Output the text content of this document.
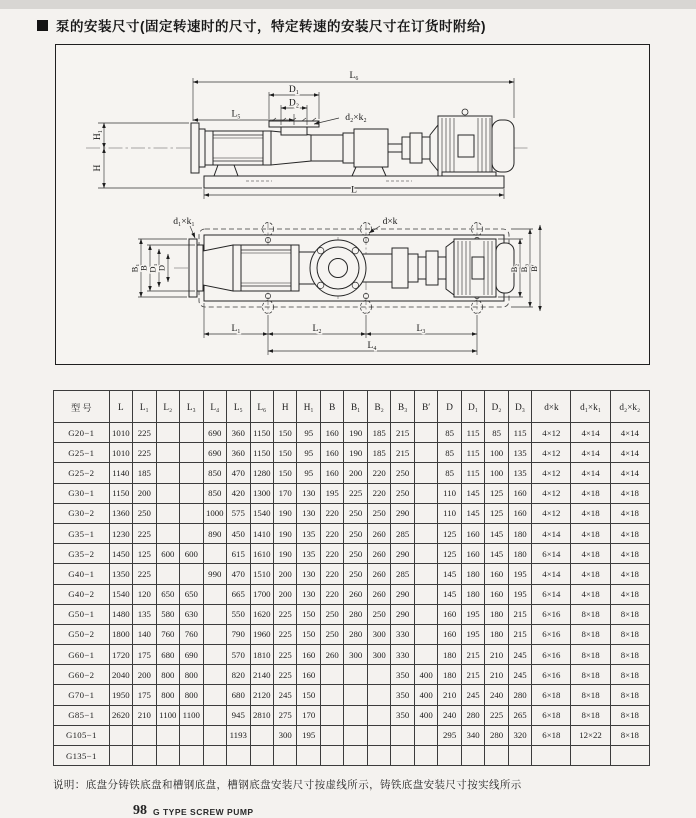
泵的安装尺寸(固定转速时的尺寸，特定转速的安装尺寸在订货时附给)
L₆
D₁
D₂
L₅	d₂×k₂
H₁
H
L
d₁×k₁	d×k
B₁ B D₁ D	B₂ B₃ B′
L₁	L₂	L₃
L₄
型 号	L	L₁	L₂	L₃	L₄	L₅	L₆	H	H₁	B	B₁	B₂	B₃	B′	D	D₁	D₂	D₃	d×k	d₁×k₁	d₂×k₂
G20−1	1010	225			690	360	1150	150	95	160	190	185	215		85	115	85	115	4×12	4×14	4×14
G25−1	1010	225			690	360	1150	150	95	160	190	185	215		85	115	100	135	4×12	4×14	4×14
G25−2	1140	185			850	470	1280	150	95	160	200	220	250		85	115	100	135	4×12	4×14	4×14
G30−1	1150	200			850	420	1300	170	130	195	225	220	250		110	145	125	160	4×12	4×18	4×18
G30−2	1360	250			1000	575	1540	190	130	220	250	250	290		110	145	125	160	4×12	4×18	4×18
G35−1	1230	225			890	450	1410	190	135	220	250	260	285		125	160	145	180	4×14	4×18	4×18
G35−2	1450	125	600	600		615	1610	190	135	220	250	260	290		125	160	145	180	6×14	4×18	4×18
G40−1	1350	225			990	470	1510	200	130	220	250	260	285		145	180	160	195	4×14	4×18	4×18
G40−2	1540	120	650	650		665	1700	200	130	220	260	260	290		145	180	160	195	6×14	4×18	4×18
G50−1	1480	135	580	630		550	1620	225	150	250	280	250	290		160	195	180	215	6×16	8×18	8×18
G50−2	1800	140	760	760		790	1960	225	150	250	280	300	330		160	195	180	215	6×16	8×18	8×18
G60−1	1720	175	680	690		570	1810	225	160	260	300	300	330		180	215	210	245	6×16	8×18	8×18
G60−2	2040	200	800	800		820	2140	225	160				350	400	180	215	210	245	6×16	8×18	8×18
G70−1	1950	175	800	800		680	2120	245	150				350	400	210	245	240	280	6×18	8×18	8×18
G85−1	2620	210	1100	1100		945	2810	275	170				350	400	240	280	225	265	6×18	8×18	8×18
G105−1						1193		300	195						295	340	280	320	6×18	12×22	8×18
G135−1																					
说明：底盘分铸铁底盘和槽钢底盘，槽钢底盘安装尺寸按虚线所示，铸铁底盘安装尺寸按实线所示
98 G TYPE SCREW PUMP
